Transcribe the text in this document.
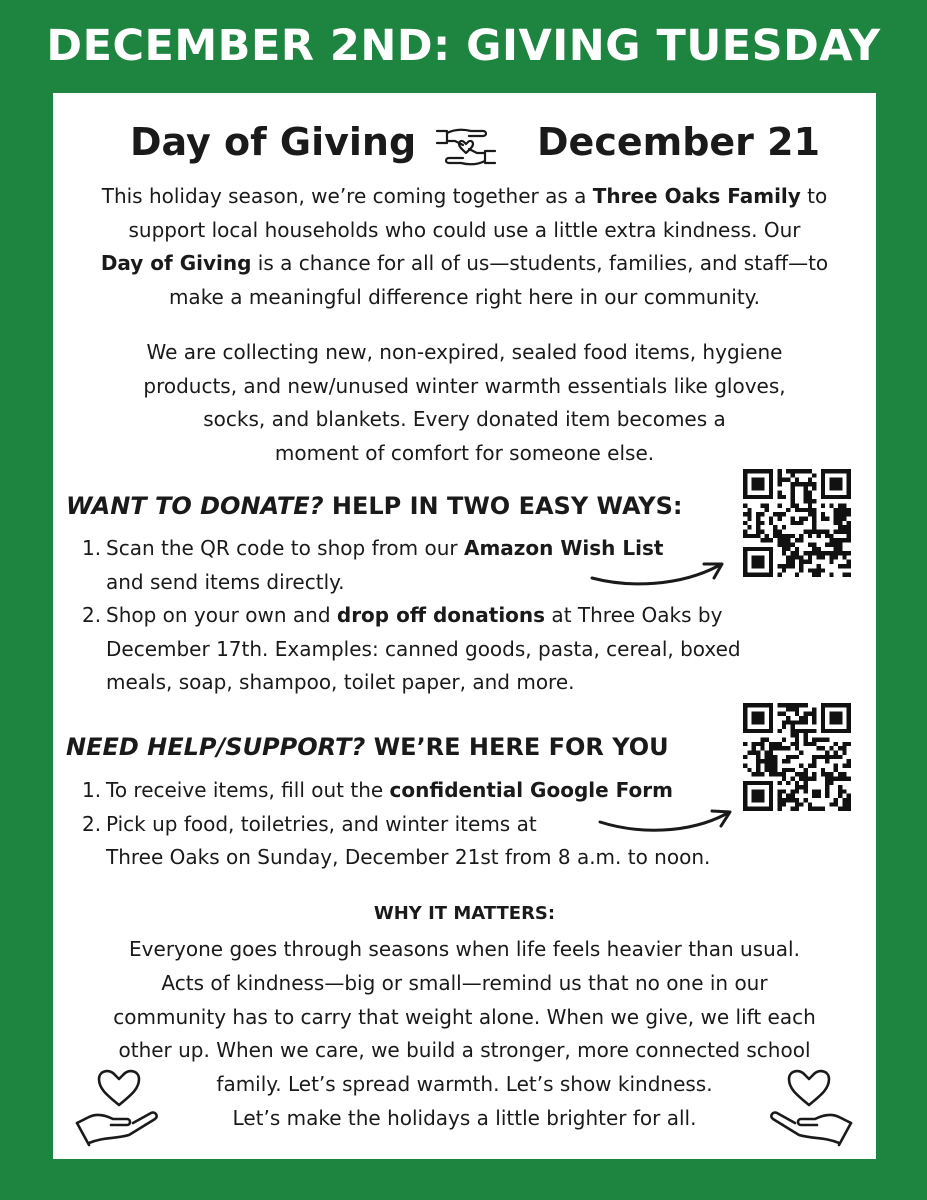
DECEMBER 2ND: GIVING TUESDAY
Day of Giving	December 21
This holiday season, we’re coming together as a Three Oaks Family to
support local households who could use a little extra kindness. Our
Day of Giving is a chance for all of us—students, families, and staff—to
make a meaningful difference right here in our community.
We are collecting new, non-expired, sealed food items, hygiene
products, and new/unused winter warmth essentials like gloves,
socks, and blankets. Every donated item becomes a
moment of comfort for someone else.
WANT TO DONATE? HELP IN TWO EASY WAYS:
1. Scan the QR code to shop from our Amazon Wish List
and send items directly.
2. Shop on your own and drop off donations at Three Oaks by
December 17th. Examples: canned goods, pasta, cereal, boxed
meals, soap, shampoo, toilet paper, and more.
NEED HELP/SUPPORT? WE’RE HERE FOR YOU
1. To receive items, fill out the confidential Google Form
2. Pick up food, toiletries, and winter items at
Three Oaks on Sunday, December 21st from 8 a.m. to noon.
WHY IT MATTERS:
Everyone goes through seasons when life feels heavier than usual.
Acts of kindness—big or small—remind us that no one in our
community has to carry that weight alone. When we give, we lift each
other up. When we care, we build a stronger, more connected school
family. Let’s spread warmth. Let’s show kindness.
Let’s make the holidays a little brighter for all.
